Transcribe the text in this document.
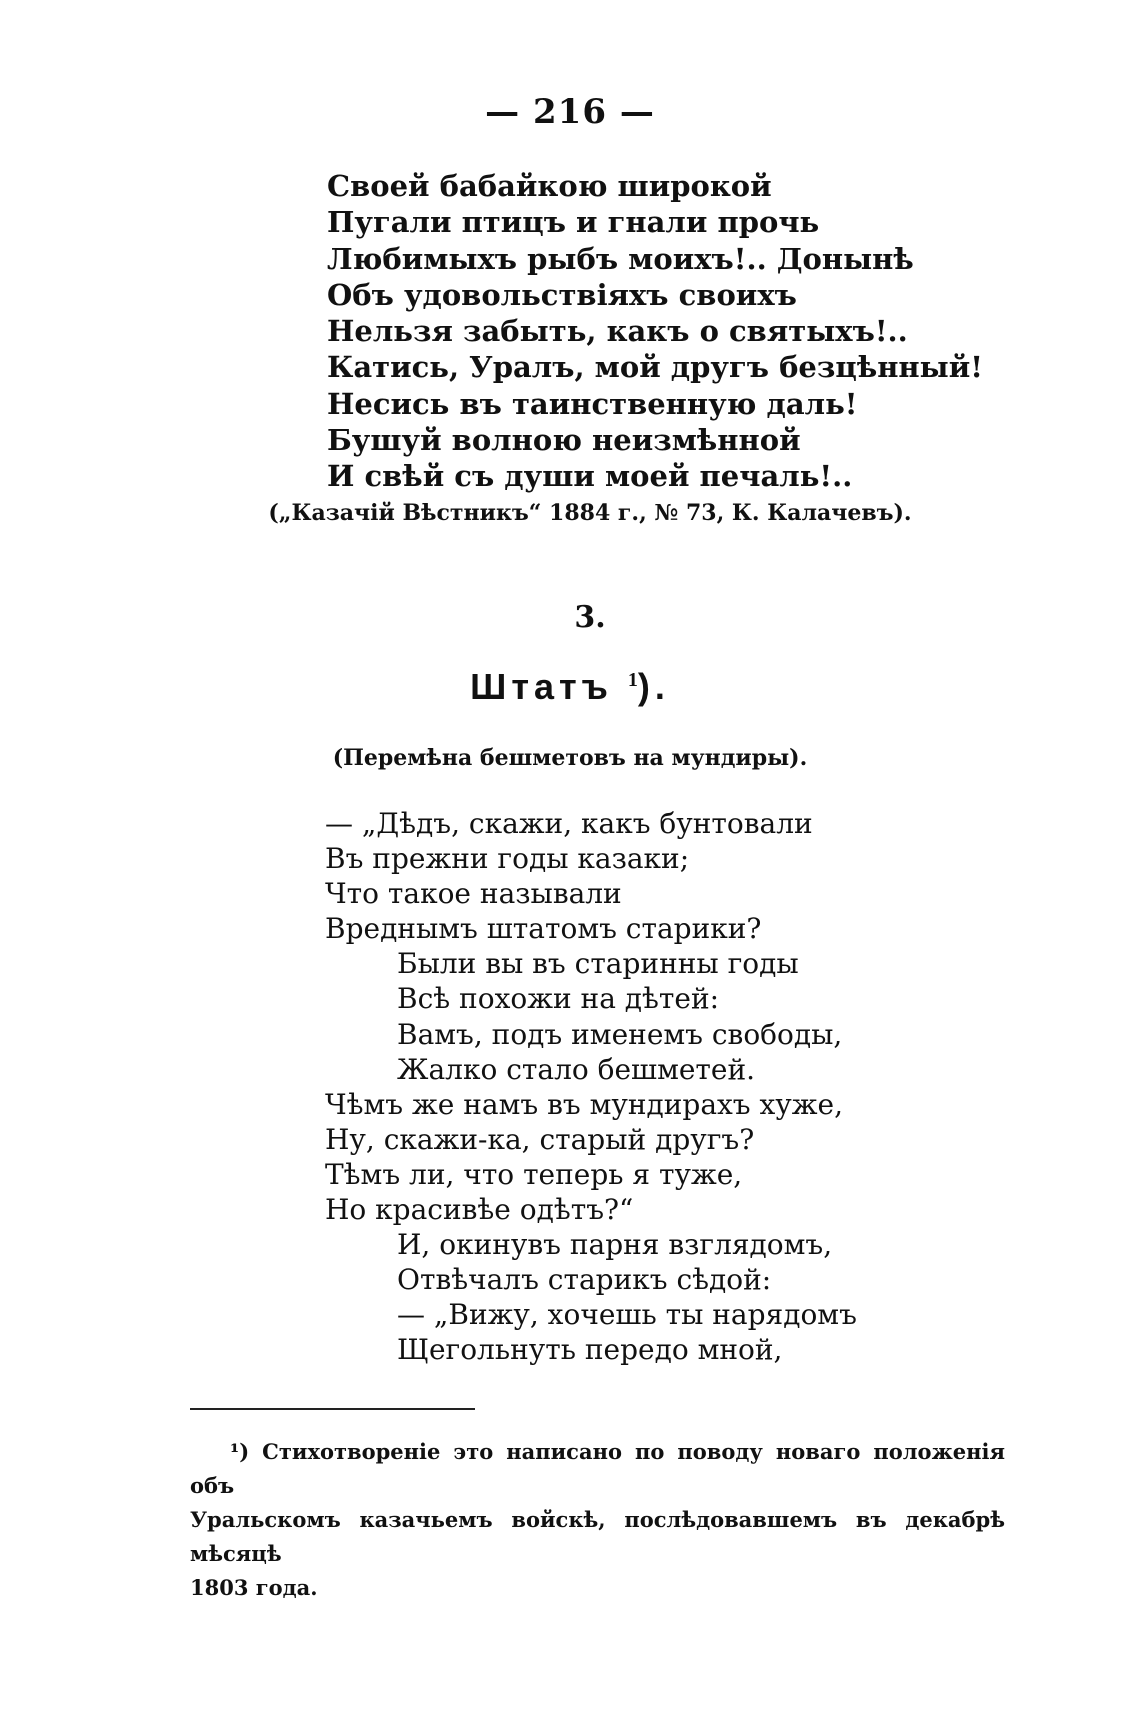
— 216 —
Своей бабайкою широкой
Пугали птицъ и гнали прочь
Любимыхъ рыбъ моихъ!.. Донынѣ
Объ удовольствіяхъ своихъ
Нельзя забыть, какъ о святыхъ!..
Катись, Уралъ, мой другъ безцѣнный!
Несись въ таинственную даль!
Бушуй волною неизмѣнной
И свѣй съ души моей печаль!..
(„Казачій Вѣстникъ“ 1884 г., № 73, К. Калачевъ).
3.
Штатъ $^1$).
(Перемѣна бешметовъ на мундиры).
— „Дѣдъ, скажи, какъ бунтовали
Въ прежни годы казаки;
Что такое называли
Вреднымъ штатомъ старики?
Были вы въ старинны годы
Всѣ похожи на дѣтей:
Вамъ, подъ именемъ свободы,
Жалко стало бешметей.
Чѣмъ же намъ въ мундирахъ хуже,
Ну, скажи-ка, старый другъ?
Тѣмъ ли, что теперь я туже,
Но красивѣе одѣтъ?“
И, окинувъ парня взглядомъ,
Отвѣчалъ старикъ сѣдой:
— „Вижу, хочешь ты нарядомъ
Щегольнуть передо мной,
¹) Стихотвореніе это написано по поводу новаго положенія объ
Уральскомъ казачьемъ войскѣ, послѣдовавшемъ въ декабрѣ мѣсяцѣ
1803 года.
